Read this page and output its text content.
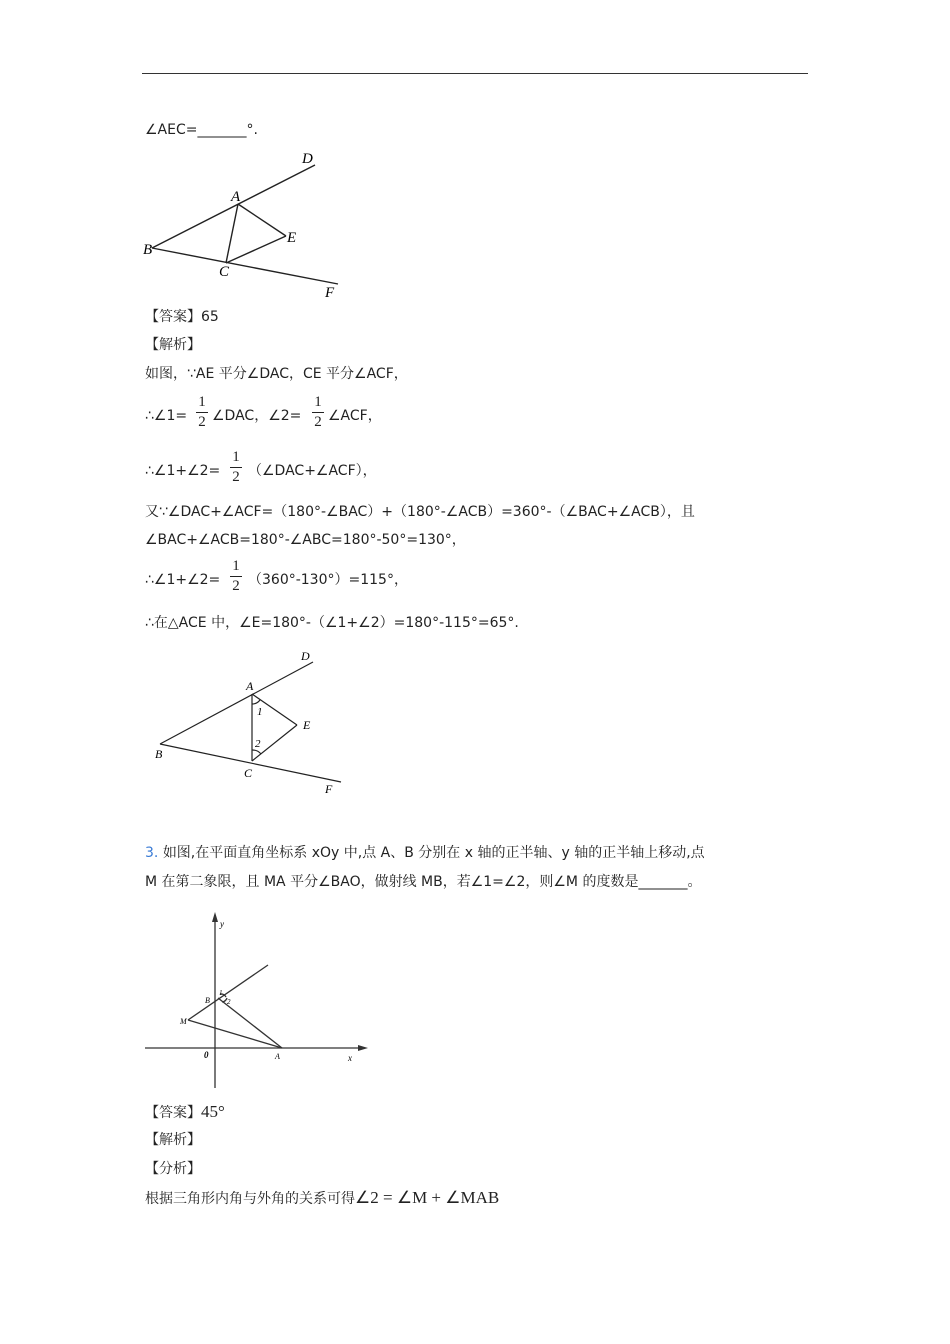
∠AEC=_______°.
D
A
E
B
C
F
【答案】65
【解析】
如图，∵AE 平分∠DAC，CE 平分∠ACF，
∴∠1=
1
2 ∠DAC，∠2=
1
2 ∠ACF，
∴∠1+∠2=
1
2 （∠DAC+∠ACF），
又∵∠DAC+∠ACF=（180°-∠BAC）+（180°-∠ACB）=360°-（∠BAC+∠ACB），且
∠BAC+∠ACB=180°-∠ABC=180°-50°=130°，
∴∠1+∠2=
1
2 （360°-130°）=115°，
∴在△ACE 中，∠E=180°-（∠1+∠2）=180°-115°=65°.
D
A
1
E
2
B
C
F
3. 如图,在平面直角坐标系 xOy 中,点 A、B 分别在 x 轴的正半轴、y 轴的正半轴上移动,点
M 在第二象限，且 MA 平分∠BAO，做射线 MB，若∠1=∠2，则∠M 的度数是_______。
y
x
0	A
B
M
1
2
【答案】45°
【解析】
【分析】
根据三角形内角与外角的关系可得∠2 = ∠M + ∠MAB
